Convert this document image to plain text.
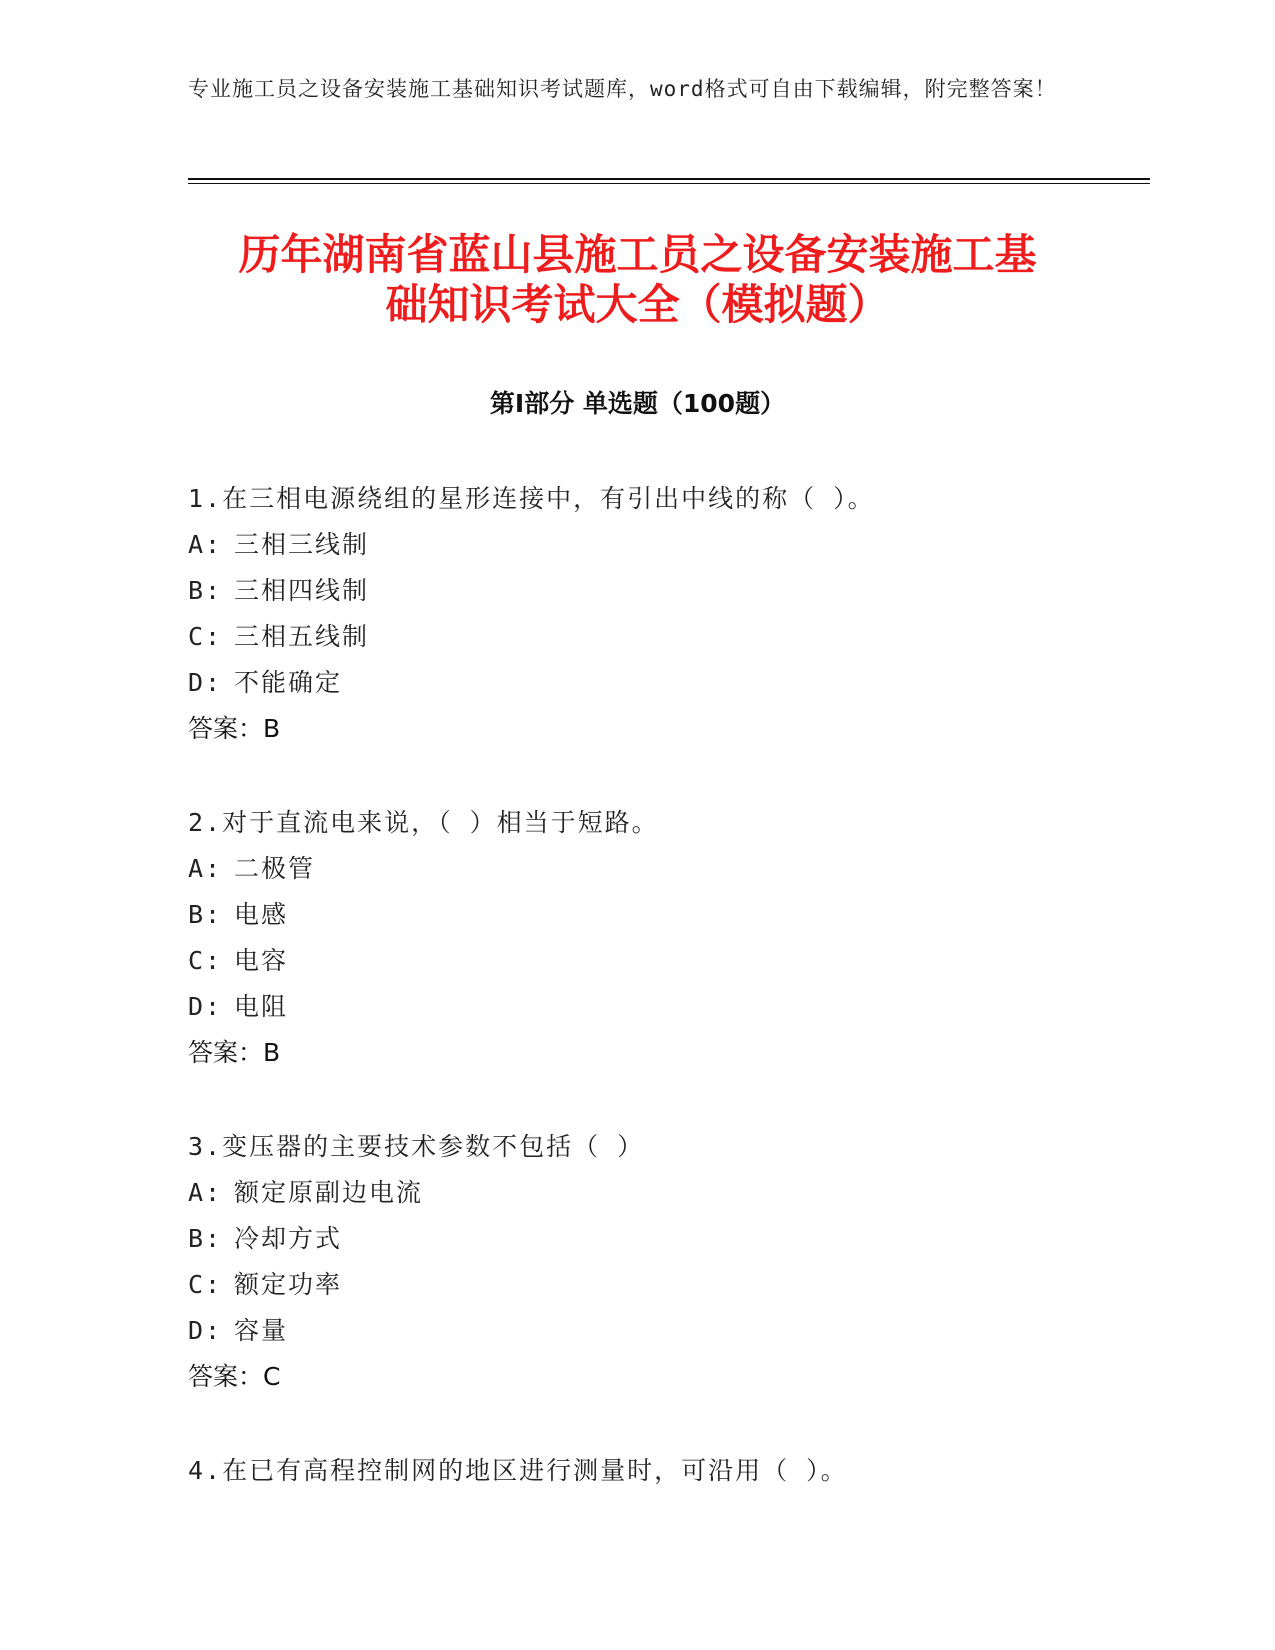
专业施工员之设备安装施工基础知识考试题库，word格式可自由下载编辑，附完整答案！
历年湖南省蓝山县施工员之设备安装施工基
础知识考试大全（模拟题）
第Ⅰ部分 单选题（100题）
1.在三相电源绕组的星形连接中，有引出中线的称（ ）。
A: 三相三线制
B: 三相四线制
C: 三相五线制
D: 不能确定
答案：B
2.对于直流电来说，（ ）相当于短路。
A: 二极管
B: 电感
C: 电容
D: 电阻
答案：B
3.变压器的主要技术参数不包括（ ）
A: 额定原副边电流
B: 冷却方式
C: 额定功率
D: 容量
答案：C
4.在已有高程控制网的地区进行测量时，可沿用（ ）。
